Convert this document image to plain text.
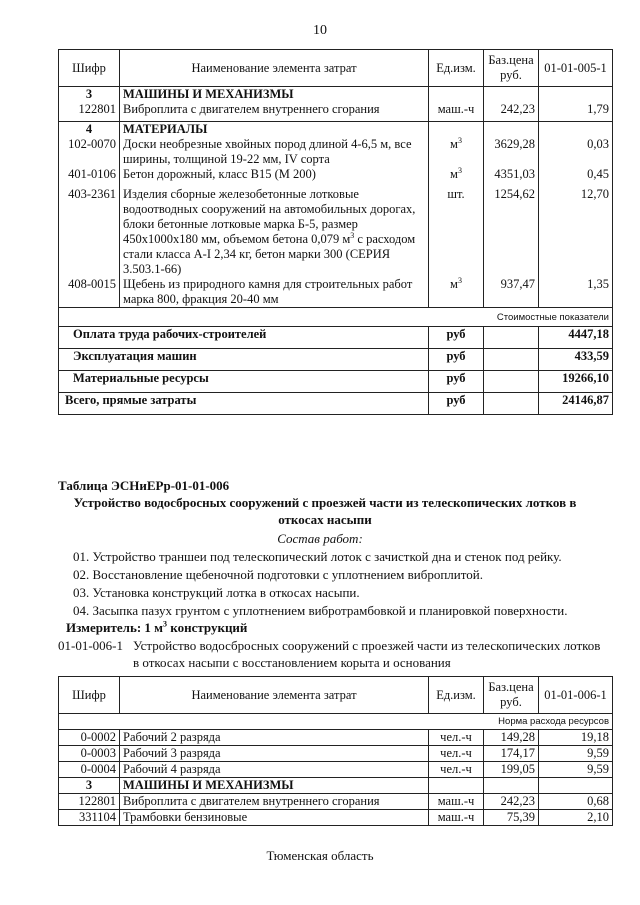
10
Шифр	Наименование элемента затрат	Ед.изм.	Баз.цена руб.	01-01-005-1
3	МАШИНЫ И МЕХАНИЗМЫ			
122801	Виброплита с двигателем внутреннего сгорания	маш.-ч	242,23	1,79
4	МАТЕРИАЛЫ			
102-0070	Доски необрезные хвойных пород длиной 4-6,5 м, все ширины, толщиной 19-22 мм, IV сорта	$м^3$	3629,28	0,03
401-0106	Бетон дорожный, класс В15 (М 200)	$м^3$	4351,03	0,45
403-2361	Изделия сборные железобетонные лотковые водоотводных сооружений на автомобильных дорогах, блоки бетонные лотковые марка Б-5, размер 450х1000х180 мм, объемом бетона 0,079 $м^3$ с расходом стали класса А-I 2,34 кг, бетон марки 300 (СЕРИЯ 3.503.1-66)	шт.	1254,62	12,70
408-0015	Щебень из природного камня для строительных работ марка 800, фракция 20-40 мм	$м^3$	937,47	1,35
Стоимостные показатели				
Оплата труда рабочих-строителей		руб		4447,18
Эксплуатация машин		руб		433,59
Материальные ресурсы		руб		19266,10
Всего, прямые затраты		руб		24146,87
Таблица ЭСНиЕРр-01-01-006
Устройство водосбросных сооружений с проезжей части из телескопических лотков в откосах насыпи
Состав работ:
01. Устройство траншеи под телескопический лоток с зачисткой дна и стенок под рейку.
02. Восстановление щебеночной подготовки с уплотнением виброплитой.
03. Установка конструкций лотка в откосах насыпи.
04. Засыпка пазух грунтом с уплотнением вибротрамбовкой и планировкой поверхности.
Измеритель: 1 $м^3$ конструкций
01-01-006-1 Устройство водосбросных сооружений с проезжей части из телескопических лотков в откосах насыпи с восстановлением корыта и основания
Шифр	Наименование элемента затрат	Ед.изм.	Баз.цена руб.	01-01-006-1
Норма расхода ресурсов				
0-0002	Рабочий 2 разряда	чел.-ч	149,28	19,18
0-0003	Рабочий 3 разряда	чел.-ч	174,17	9,59
0-0004	Рабочий 4 разряда	чел.-ч	199,05	9,59
3	МАШИНЫ И МЕХАНИЗМЫ			
122801	Виброплита с двигателем внутреннего сгорания	маш.-ч	242,23	0,68
331104	Трамбовки бензиновые	маш.-ч	75,39	2,10
Тюменская область
